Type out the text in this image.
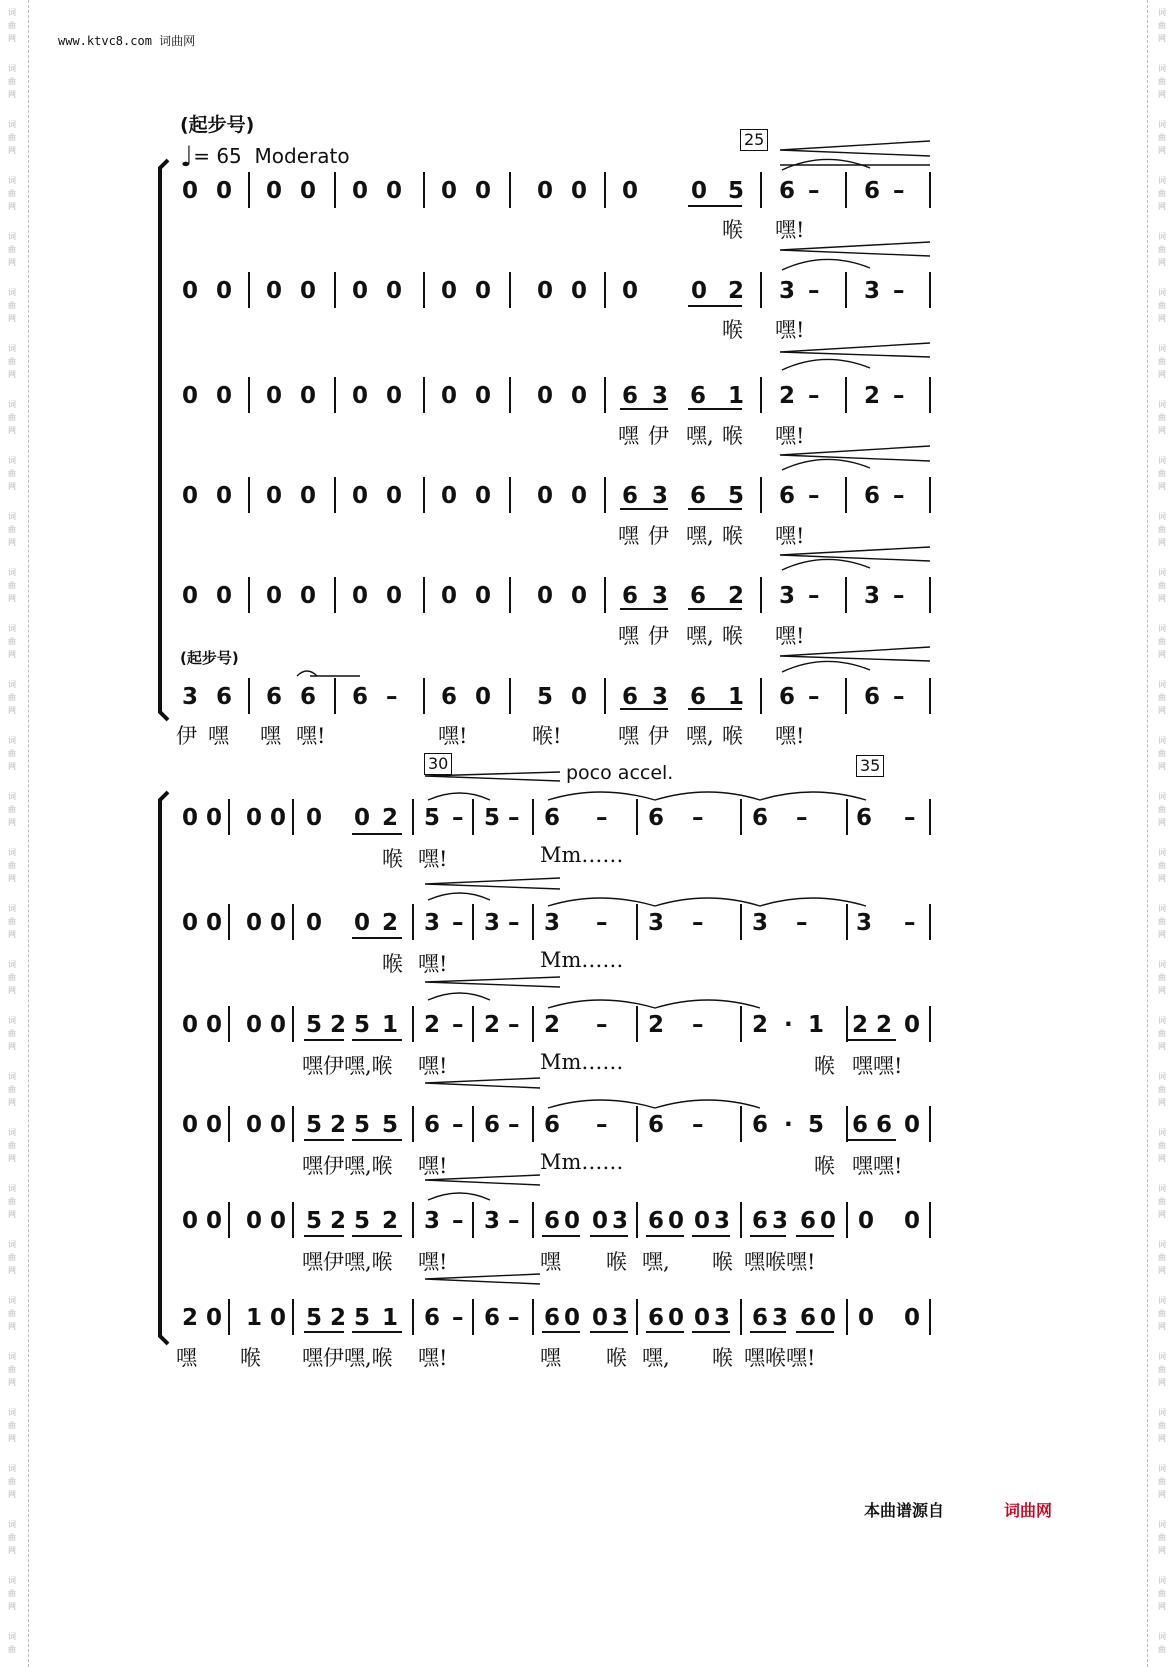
词
曲
网
词
曲
网
词
曲
网
词
曲
网
词
曲
网
词
曲
网
词
曲
网
词
曲
网
词
曲
网
词
曲
网
词
曲
网
词
曲
网
词
曲
网
词
曲
网
词
曲
网
词
曲
网
词
曲
网
词
曲
网
词
曲
网
词
曲
网
词
曲
网
词
曲
网
词
曲
网
词
曲
网
词
曲
网
词
曲
网
词
曲
网
词
曲
网
词
曲
网
词
曲
词
曲
网
词
曲
网
词
曲
网
词
曲
网
词
曲
网
词
曲
网
词
曲
网
词
曲
网
词
曲
网
词
曲
网
词
曲
网
词
曲
网
词
曲
网
词
曲
网
词
曲
网
词
曲
网
词
曲
网
词
曲
网
词
曲
网
词
曲
网
词
曲
网
词
曲
网
词
曲
网
词
曲
网
词
曲
网
词
曲
网
词
曲
网
词
曲
网
词
曲
网
词
曲
www.ktvc8.com 词曲网
(起步号)
♩= 65 Moderato
25
30	35
poco accel.
(起步号)
0 0 0 0 0 0 0 0 0 0 0 0 5 6 – 6 –
0 0 0 0 0 0 0 0 0 0 0 0 2 3 – 3 –
0 0 0 0 0 0 0 0 0 0 6 3 6 1 2 – 2 –
0 0 0 0 0 0 0 0 0 0 6 3 6 5 6 – 6 –
0 0 0 0 0 0 0 0 0 0 6 3 6 2 3 – 3 –
3 6 6 6 6 – 6 0 5 0 6 3 6 1 6 – 6 –
喉 嘿!
喉 嘿!
嘿 伊 嘿, 喉 嘿!
嘿 伊 嘿, 喉 嘿!
嘿 伊 嘿, 喉 嘿!
伊 嘿 嘿 嘿!	嘿!	喉!	嘿 伊 嘿, 喉 嘿!
0 0 0 0 0 0 2 5 – 5 – 6 – 6 – 6 – 6 –
0 0 0 0 0 0 2 3 – 3 – 3 – 3 – 3 – 3 –
0 0 0 0 5 2 5 1 2 – 2 – 2 – 2 – 2 · 1 2 2 0
0 0 0 0 5 2 5 5 6 – 6 – 6 – 6 – 6 · 5 6 6 0
0 0 0 0 5 2 5 2 3 – 3 – 6 0 0 3 6 0 0 3 6 3 6 0 0 0
2 0 1 0 5 2 5 1 6 – 6 – 6 0 0 3 6 0 0 3 6 3 6 0 0 0
喉 嘿!	Mm……
喉 嘿!	Mm……
嘿伊嘿,喉 嘿!	Mm……	喉 嘿嘿!
嘿伊嘿,喉 嘿!	Mm……	喉 嘿嘿!
嘿伊嘿,喉 嘿!	嘿 喉 嘿, 喉 嘿喉嘿!
嘿 喉 嘿伊嘿,喉 嘿!	嘿 喉 嘿, 喉 嘿喉嘿!
本曲谱源自	词曲网
